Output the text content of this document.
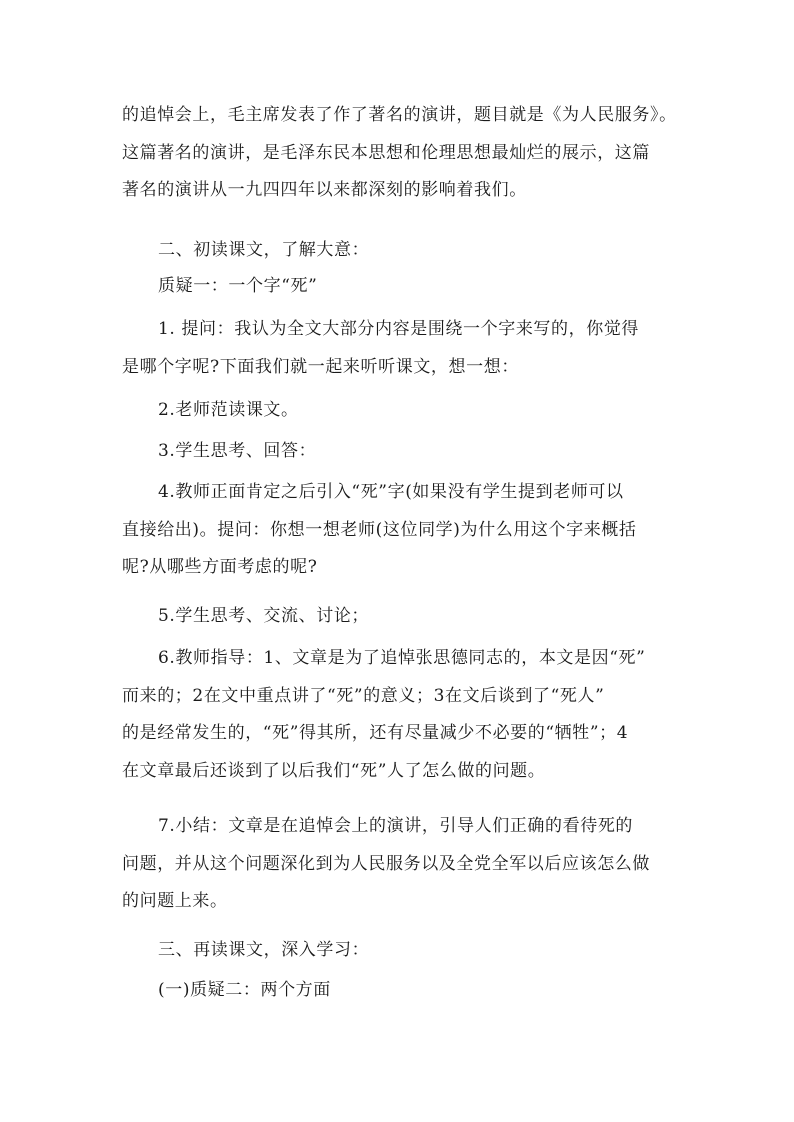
的追悼会上，毛主席发表了作了著名的演讲，题目就是《为人民服务》。
这篇著名的演讲，是毛泽东民本思想和伦理思想最灿烂的展示，这篇
著名的演讲从一九四四年以来都深刻的影响着我们。

二、初读课文，了解大意：

质疑一：一个字“死”

1. 提问：我认为全文大部分内容是围绕一个字来写的，你觉得
是哪个字呢?下面我们就一起来听听课文，想一想：

2.老师范读课文。

3.学生思考、回答：

4.教师正面肯定之后引入“死”字(如果没有学生提到老师可以
直接给出)。提问：你想一想老师(这位同学)为什么用这个字来概括
呢?从哪些方面考虑的呢?

5.学生思考、交流、讨论；

6.教师指导：1、文章是为了追悼张思德同志的，本文是因“死”
而来的；2在文中重点讲了“死”的意义；3在文后谈到了“死人”
的是经常发生的，“死”得其所，还有尽量减少不必要的“牺牲”；4
在文章最后还谈到了以后我们“死”人了怎么做的问题。

7.小结：文章是在追悼会上的演讲，引导人们正确的看待死的
问题，并从这个问题深化到为人民服务以及全党全军以后应该怎么做
的问题上来。

三、再读课文，深入学习：

(一)质疑二：两个方面
